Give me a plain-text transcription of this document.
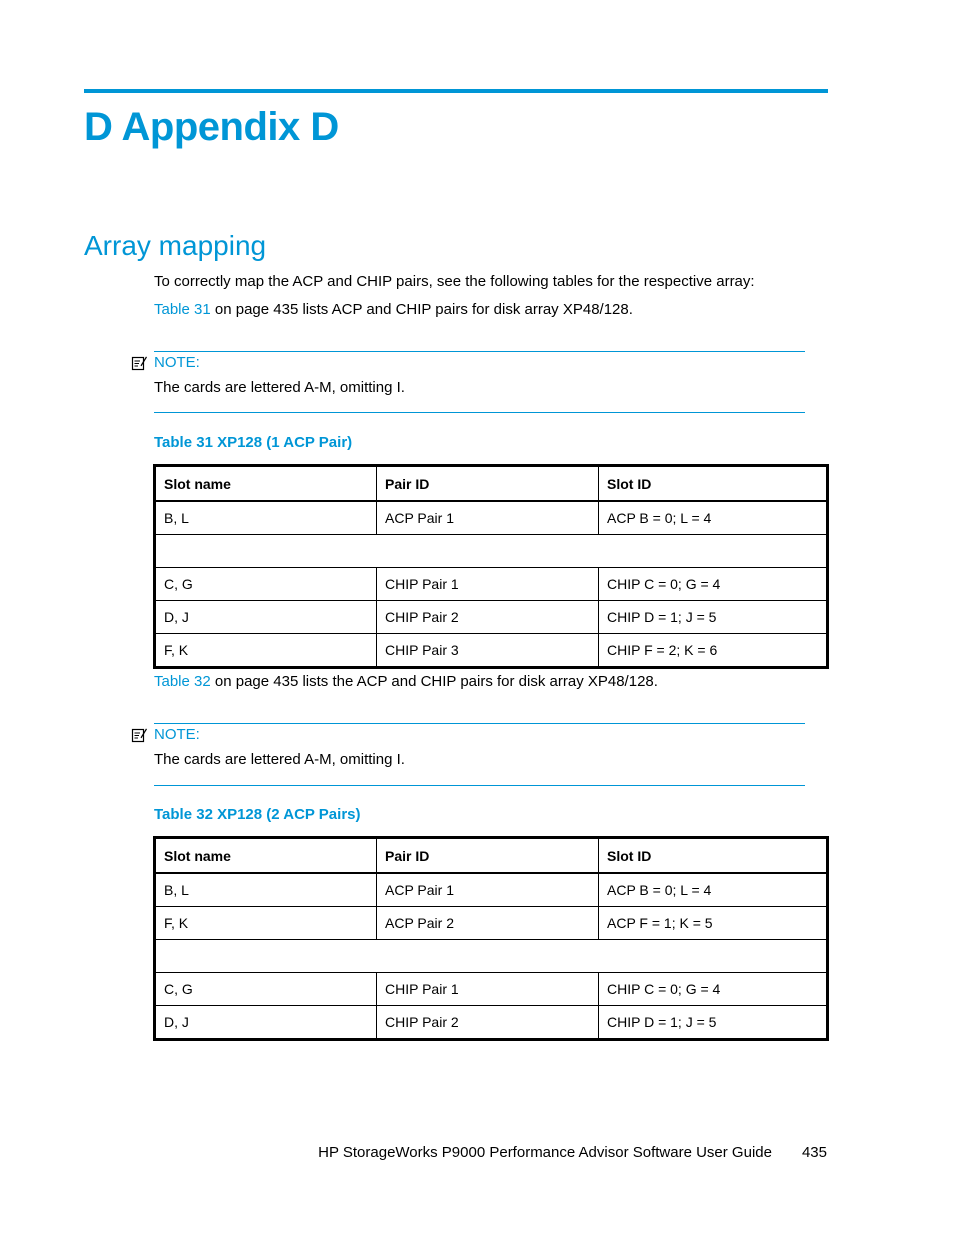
D Appendix D
Array mapping

To correctly map the ACP and CHIP pairs, see the following tables for the respective array:

Table 31 on page 435 lists ACP and CHIP pairs for disk array XP48/128.

NOTE:

The cards are lettered A-M, omitting I.

Table 31 XP128 (1 ACP Pair)

Slot name	Pair ID	Slot ID
B, L	ACP Pair 1	ACP B = 0; L = 4

C, G	CHIP Pair 1	CHIP C = 0; G = 4
D, J	CHIP Pair 2	CHIP D = 1; J = 5
F, K	CHIP Pair 3	CHIP F = 2; K = 6

Table 32 on page 435 lists the ACP and CHIP pairs for disk array XP48/128.

NOTE:

The cards are lettered A-M, omitting I.

Table 32 XP128 (2 ACP Pairs)

Slot name	Pair ID	Slot ID
B, L	ACP Pair 1	ACP B = 0; L = 4
F, K	ACP Pair 2	ACP F = 1; K = 5

C, G	CHIP Pair 1	CHIP C = 0; G = 4
D, J	CHIP Pair 2	CHIP D = 1; J = 5
HP StorageWorks P9000 Performance Advisor Software User Guide 435
